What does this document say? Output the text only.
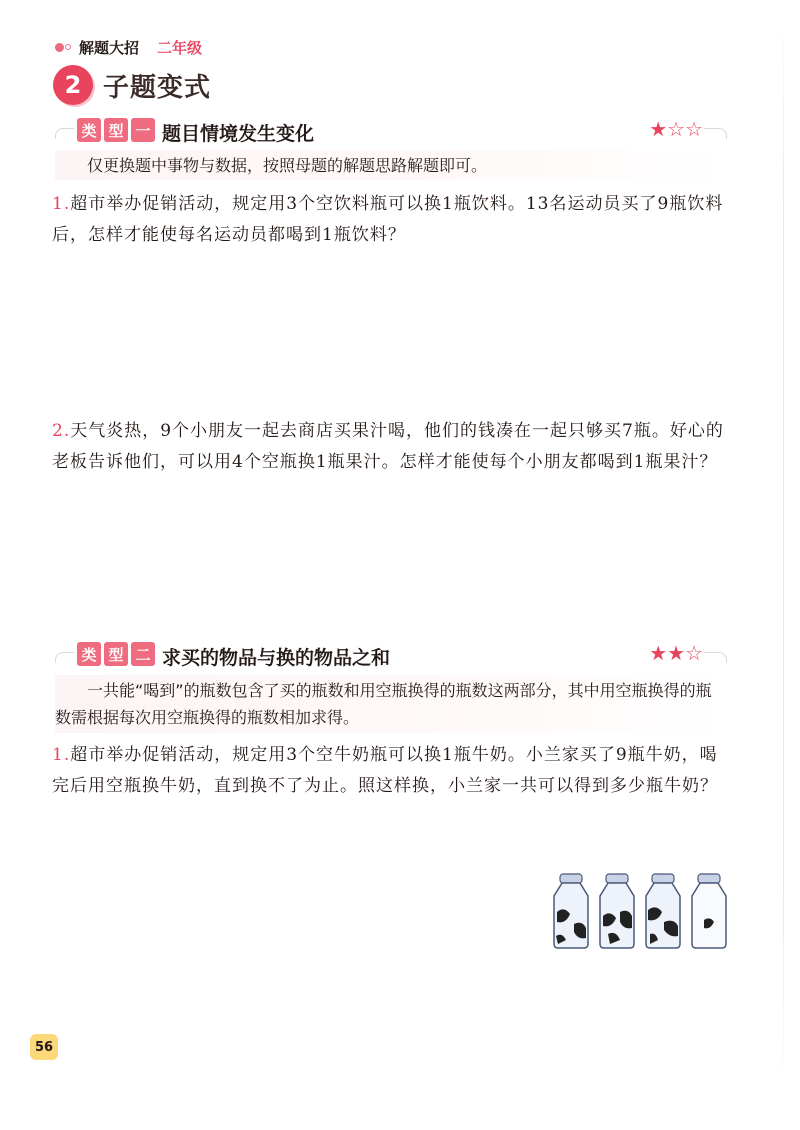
解题大招 二年级
2 子题变式
类 型 一 题目情境发生变化	★☆☆

仅更换题中事物与数据，按照母题的解题思路解题即可。

1.超市举办促销活动，规定用3个空饮料瓶可以换1瓶饮料。13名运动员买了9瓶饮料后，怎样才能使每名运动员都喝到1瓶饮料？

2.天气炎热，9个小朋友一起去商店买果汁喝，他们的钱凑在一起只够买7瓶。好心的老板告诉他们，可以用4个空瓶换1瓶果汁。怎样才能使每个小朋友都喝到1瓶果汁？

类 型 二 求买的物品与换的物品之和	★★☆

一共能“喝到”的瓶数包含了买的瓶数和用空瓶换得的瓶数这两部分，其中用空瓶换得的瓶数需根据每次用空瓶换得的瓶数相加求得。

1.超市举办促销活动，规定用3个空牛奶瓶可以换1瓶牛奶。小兰家买了9瓶牛奶，喝完后用空瓶换牛奶，直到换不了为止。照这样换，小兰家一共可以得到多少瓶牛奶？

56
